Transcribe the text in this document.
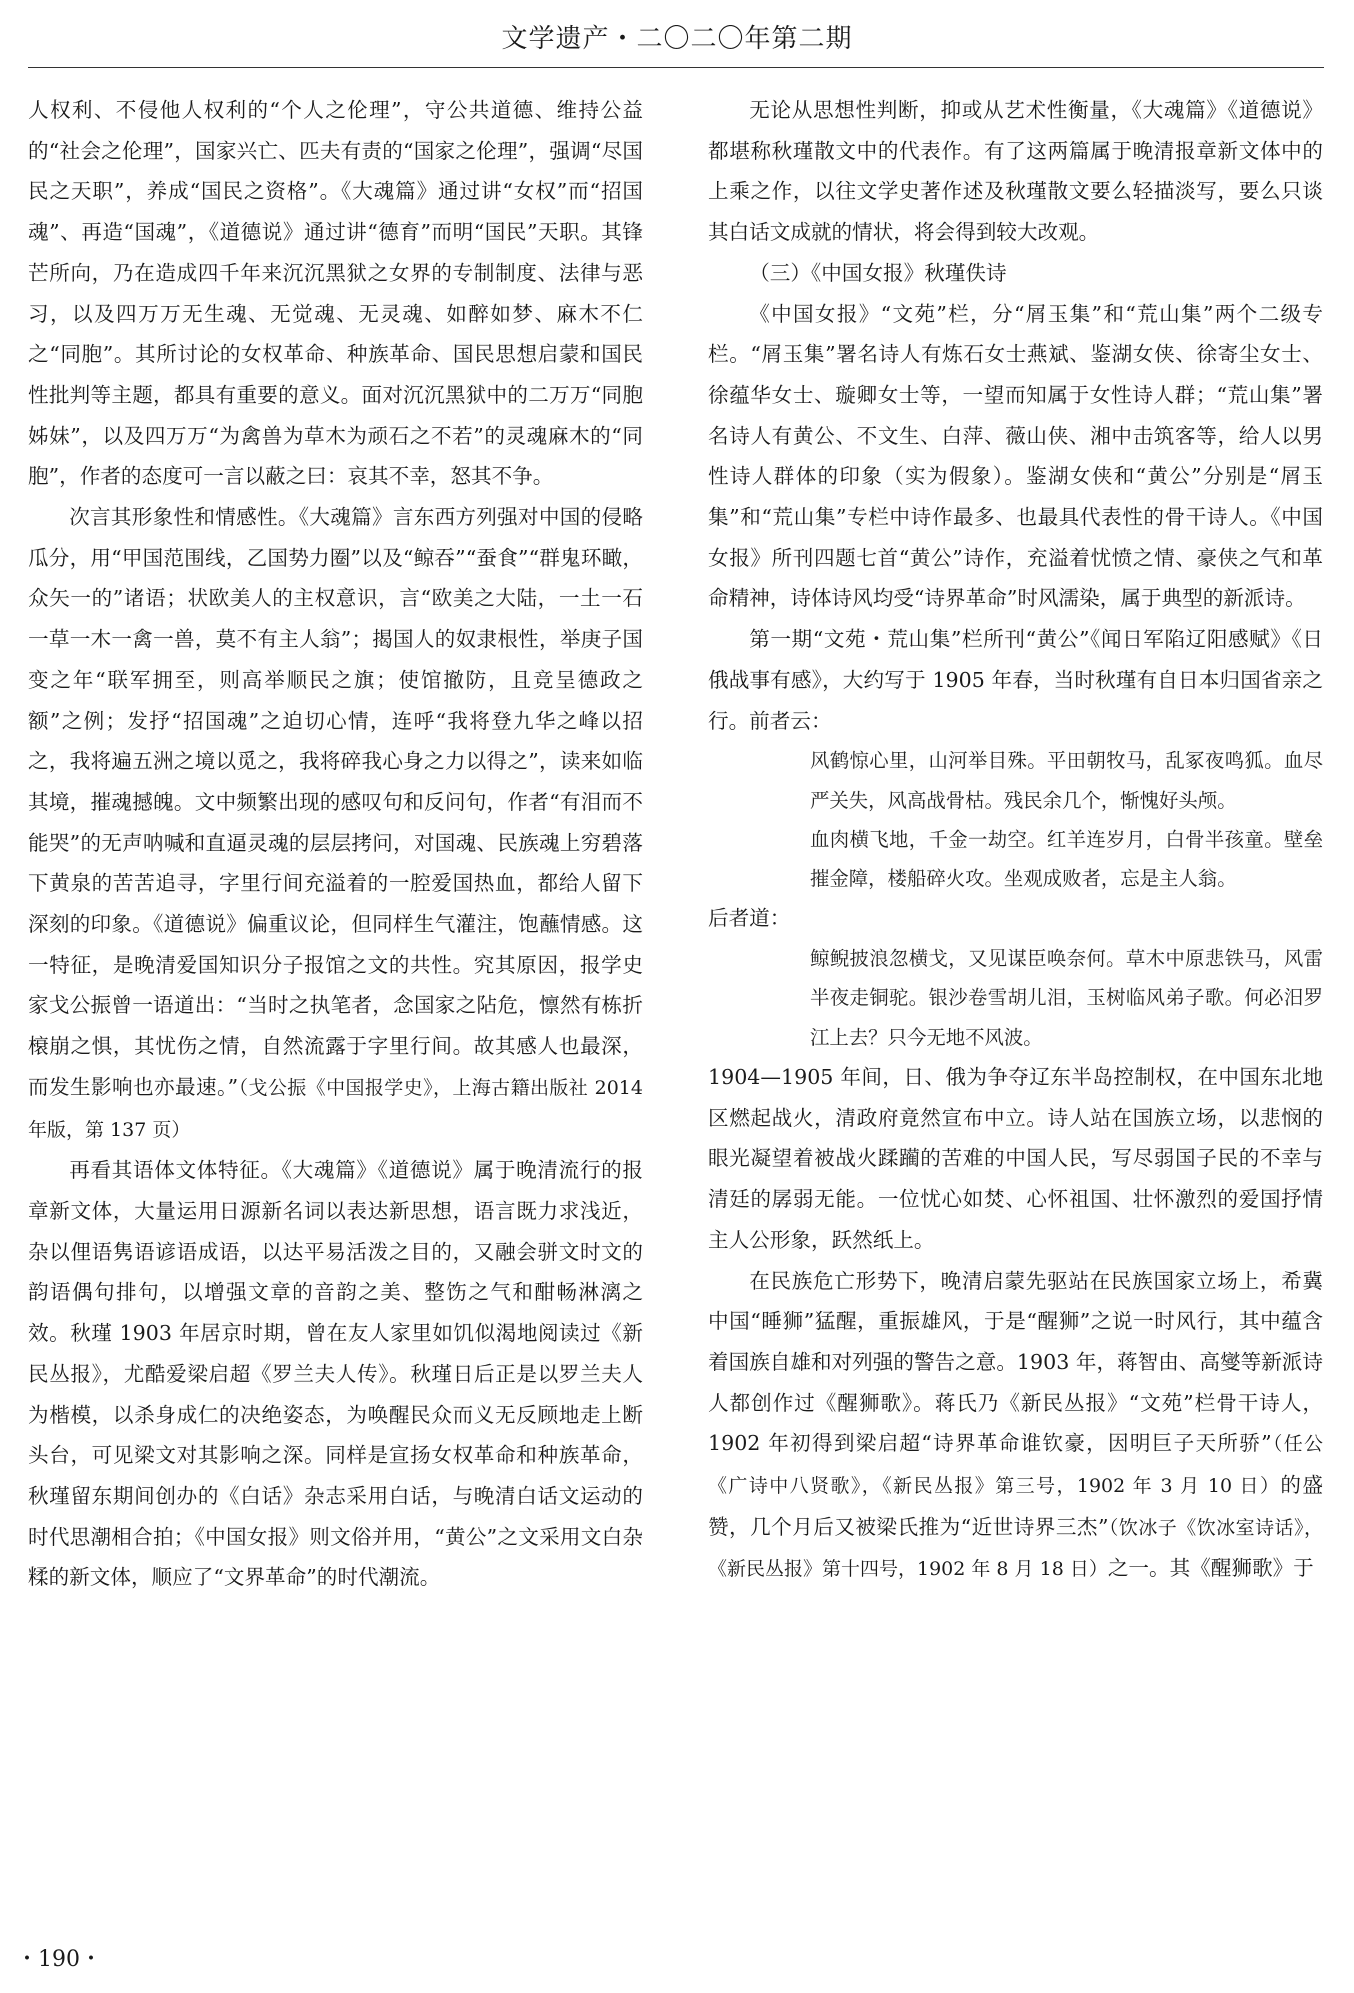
文学遗产・二〇二〇年第二期

人权利、不侵他人权利的“个人之伦理”，守公共道德、维持公益的“社会之伦理”，国家兴亡、匹夫有责的“国家之伦理”，强调“尽国民之天职”，养成“国民之资格”。《大魂篇》通过讲“女权”而“招国魂”、再造“国魂”，《道德说》通过讲“德育”而明“国民”天职。其锋芒所向，乃在造成四千年来沉沉黑狱之女界的专制制度、法律与恶习，以及四万万无生魂、无觉魂、无灵魂、如醉如梦、麻木不仁之“同胞”。其所讨论的女权革命、种族革命、国民思想启蒙和国民性批判等主题，都具有重要的意义。面对沉沉黑狱中的二万万“同胞姊妹”，以及四万万“为禽兽为草木为顽石之不若”的灵魂麻木的“同胞”，作者的态度可一言以蔽之曰：哀其不幸，怒其不争。

次言其形象性和情感性。《大魂篇》言东西方列强对中国的侵略瓜分，用“甲国范围线，乙国势力圈”以及“鲸吞”“蚕食”“群鬼环瞰，众矢一的”诸语；状欧美人的主权意识，言“欧美之大陆，一土一石一草一木一禽一兽，莫不有主人翁”；揭国人的奴隶根性，举庚子国变之年“联军拥至，则高举顺民之旗；使馆撤防，且竞呈德政之额”之例；发抒“招国魂”之迫切心情，连呼“我将登九华之峰以招之，我将遍五洲之境以觅之，我将碎我心身之力以得之”，读来如临其境，摧魂撼魄。文中频繁出现的感叹句和反问句，作者“有泪而不能哭”的无声呐喊和直逼灵魂的层层拷问，对国魂、民族魂上穷碧落下黄泉的苦苦追寻，字里行间充溢着的一腔爱国热血，都给人留下深刻的印象。《道德说》偏重议论，但同样生气灌注，饱蘸情感。这一特征，是晚清爱国知识分子报馆之文的共性。究其原因，报学史家戈公振曾一语道出：“当时之执笔者，念国家之阽危，懔然有栋折榱崩之惧，其忧伤之情，自然流露于字里行间。故其感人也最深，而发生影响也亦最速。”（戈公振《中国报学史》，上海古籍出版社 2014 年版，第 137 页）

再看其语体文体特征。《大魂篇》《道德说》属于晚清流行的报章新文体，大量运用日源新名词以表达新思想，语言既力求浅近，杂以俚语隽语谚语成语，以达平易活泼之目的，又融会骈文时文的韵语偶句排句，以增强文章的音韵之美、整饬之气和酣畅淋漓之效。秋瑾 1903 年居京时期，曾在友人家里如饥似渴地阅读过《新民丛报》，尤酷爱梁启超《罗兰夫人传》。秋瑾日后正是以罗兰夫人为楷模，以杀身成仁的决绝姿态，为唤醒民众而义无反顾地走上断头台，可见梁文对其影响之深。同样是宣扬女权革命和种族革命，秋瑾留东期间创办的《白话》杂志采用白话，与晚清白话文运动的时代思潮相合拍；《中国女报》则文俗并用，“黄公”之文采用文白杂糅的新文体，顺应了“文界革命”的时代潮流。

无论从思想性判断，抑或从艺术性衡量，《大魂篇》《道德说》都堪称秋瑾散文中的代表作。有了这两篇属于晚清报章新文体中的上乘之作，以往文学史著作述及秋瑾散文要么轻描淡写，要么只谈其白话文成就的情状，将会得到较大改观。

（三）《中国女报》秋瑾佚诗

《中国女报》“文苑”栏，分“屑玉集”和“荒山集”两个二级专栏。“屑玉集”署名诗人有炼石女士燕斌、鉴湖女侠、徐寄尘女士、徐蕴华女士、璇卿女士等，一望而知属于女性诗人群；“荒山集”署名诗人有黄公、不文生、白萍、薇山侠、湘中击筑客等，给人以男性诗人群体的印象（实为假象）。鉴湖女侠和“黄公”分别是“屑玉集”和“荒山集”专栏中诗作最多、也最具代表性的骨干诗人。《中国女报》所刊四题七首“黄公”诗作，充溢着忧愤之情、豪侠之气和革命精神，诗体诗风均受“诗界革命”时风濡染，属于典型的新派诗。

第一期“文苑・荒山集”栏所刊“黄公”《闻日军陷辽阳感赋》《日俄战事有感》，大约写于 1905 年春，当时秋瑾有自日本归国省亲之行。前者云：

风鹤惊心里，山河举目殊。平田朝牧马，乱冢夜鸣狐。血尽严关失，风高战骨枯。残民余几个，惭愧好头颅。

血肉横飞地，千金一劫空。红羊连岁月，白骨半孩童。壁垒摧金障，楼船碎火攻。坐观成败者，忘是主人翁。

后者道：

鲸鲵披浪忽横戈，又见谋臣唤奈何。草木中原悲铁马，风雷半夜走铜驼。银沙卷雪胡儿泪，玉树临风弟子歌。何必汨罗江上去？只今无地不风波。

1904—1905 年间，日、俄为争夺辽东半岛控制权，在中国东北地区燃起战火，清政府竟然宣布中立。诗人站在国族立场，以悲悯的眼光凝望着被战火蹂躏的苦难的中国人民，写尽弱国子民的不幸与清廷的孱弱无能。一位忧心如焚、心怀祖国、壮怀激烈的爱国抒情主人公形象，跃然纸上。

在民族危亡形势下，晚清启蒙先驱站在民族国家立场上，希冀中国“睡狮”猛醒，重振雄风，于是“醒狮”之说一时风行，其中蕴含着国族自雄和对列强的警告之意。1903 年，蒋智由、高燮等新派诗人都创作过《醒狮歌》。蒋氏乃《新民丛报》“文苑”栏骨干诗人，1902 年初得到梁启超“诗界革命谁钦豪，因明巨子天所骄”（任公《广诗中八贤歌》，《新民丛报》第三号，1902 年 3 月 10 日）的盛赞，几个月后又被梁氏推为“近世诗界三杰”（饮冰子《饮冰室诗话》，《新民丛报》第十四号，1902 年 8 月 18 日）之一。其《醒狮歌》于

・190・
